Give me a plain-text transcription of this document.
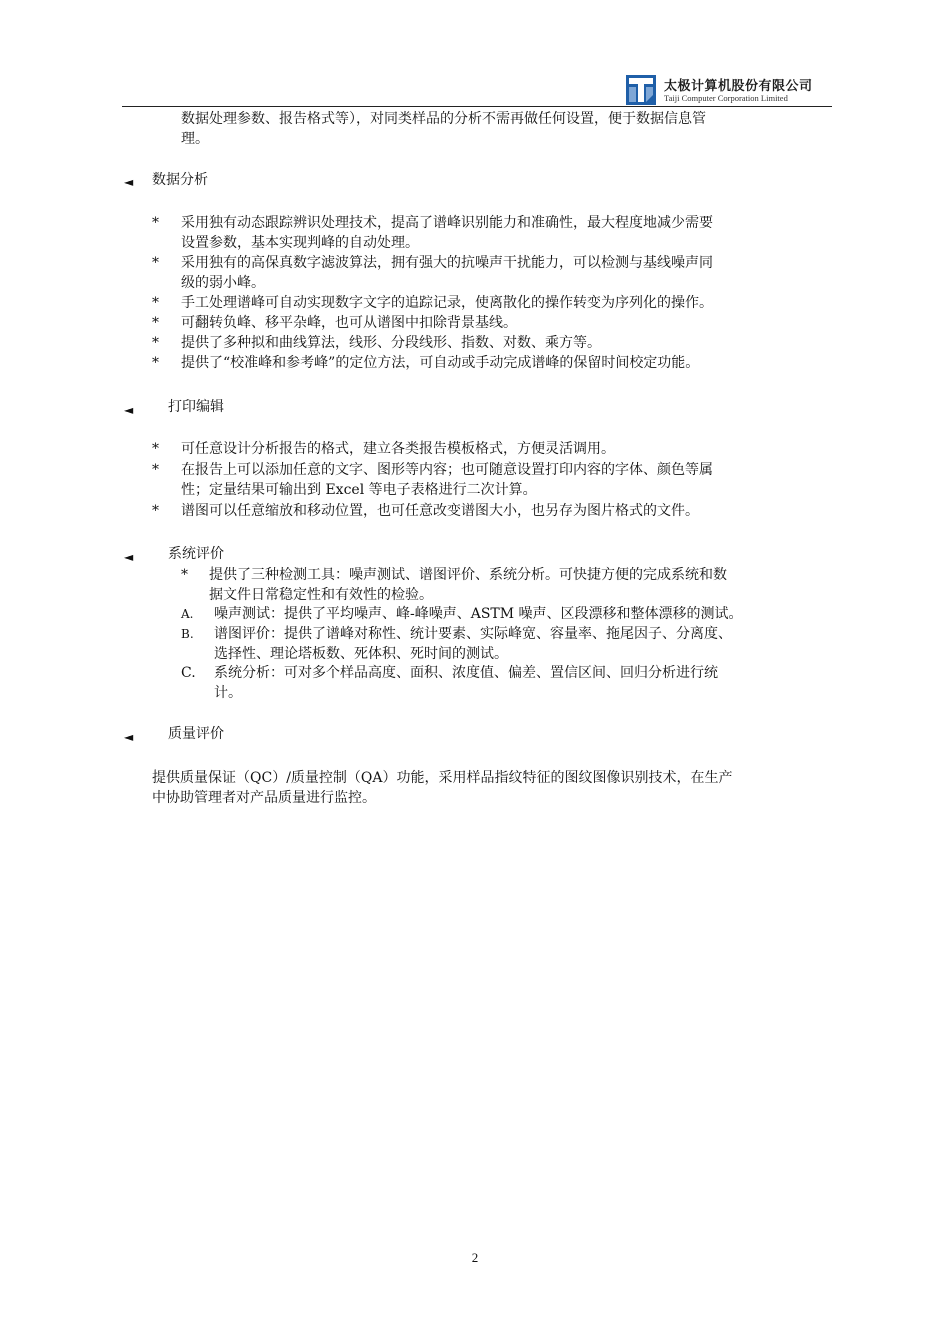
太极计算机股份有限公司
Taiji Computer Corporation Limited
数据处理参数、报告格式等），对同类样品的分析不需再做任何设置，便于数据信息管
理。
◄ 数据分析
* 采用独有动态跟踪辨识处理技术，提高了谱峰识别能力和准确性，最大程度地减少需要
设置参数，基本实现判峰的自动处理。
* 采用独有的高保真数字滤波算法，拥有强大的抗噪声干扰能力，可以检测与基线噪声同
级的弱小峰。
* 手工处理谱峰可自动实现数字文字的追踪记录，使离散化的操作转变为序列化的操作。
* 可翻转负峰、移平杂峰，也可从谱图中扣除背景基线。
* 提供了多种拟和曲线算法，线形、分段线形、指数、对数、乘方等。
* 提供了“校准峰和参考峰”的定位方法，可自动或手动完成谱峰的保留时间校定功能。
◄ 打印编辑
* 可任意设计分析报告的格式，建立各类报告模板格式，方便灵活调用。
* 在报告上可以添加任意的文字、图形等内容；也可随意设置打印内容的字体、颜色等属
性；定量结果可输出到 Excel 等电子表格进行二次计算。
* 谱图可以任意缩放和移动位置，也可任意改变谱图大小，也另存为图片格式的文件。
◄ 系统评价
* 提供了三种检测工具：噪声测试、谱图评价、系统分析。可快捷方便的完成系统和数
据文件日常稳定性和有效性的检验。
A. 噪声测试：提供了平均噪声、峰-峰噪声、ASTM 噪声、区段漂移和整体漂移的测试。
B. 谱图评价：提供了谱峰对称性、统计要素、实际峰宽、容量率、拖尾因子、分离度、
选择性、理论塔板数、死体积、死时间的测试。
C. 系统分析：可对多个样品高度、面积、浓度值、偏差、置信区间、回归分析进行统
计。
◄ 质量评价
提供质量保证（QC）/质量控制（QA）功能，采用样品指纹特征的图纹图像识别技术，在生产
中协助管理者对产品质量进行监控。
2
